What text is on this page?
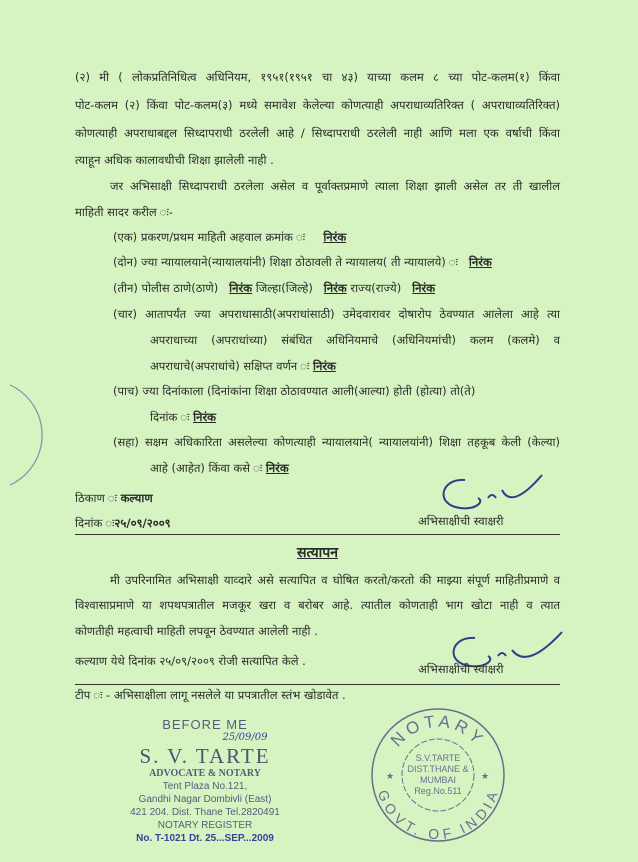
(२) मी ( लोकप्रतिनिधित्व अधिनियम, १९५१(१९५१ चा ४३) याच्या कलम ८ च्या पोट-कलम(१) किंवा
पोट-कलम (२) किंवा पोट-कलम(३) मध्ये समावेश केलेल्या कोणत्याही अपराधाव्यतिरिक्त ( अपराधाव्यतिरिक्त)
कोणत्याही अपराधाबद्दल सिध्दापराधी ठरलेली आहे / सिध्दापराधी ठरलेली नाही आणि मला एक वर्षाची किंवा
त्याहून अधिक कालावधीची शिक्षा झालेली नाही .
जर अभिसाक्षी सिध्दापराधी ठरलेला असेल व पूर्वाक्तप्रमाणे त्याला शिक्षा झाली असेल तर ती खालील
माहिती सादर करील ः-
(एक) प्रकरण/प्रथम माहिती अहवाल क्रमांक ः निरंक
(दोन) ज्या न्यायालयाने(न्यायालयांनी) शिक्षा ठोठावली ते न्यायालय( ती न्यायालये) ः निरंक
(तीन) पोलीस ठाणे(ठाणे) निरंक जिल्हा(जिल्हे) निरंक राज्य(राज्ये) निरंक
(चार) आतापर्यंत ज्या अपराधासाठी(अपराधांसाठी) उमेदवारावर दोषारोप ठेवण्यात आलेला आहे त्या
अपराधाच्या (अपराधांच्या) संबंधित अधिनियमाचे (अधिनियमांची) कलम (कलमे) व
अपराधाचे(अपराधांचे) सक्षिप्त वर्णन ः निरंक
(पाच) ज्या दिनांकाला (दिनांकांना शिक्षा ठोठावण्यात आली(आल्या) होती (होत्या) तो(ते)
दिनांक ः निरंक
(सहा) सक्षम अधिकारिता असलेल्या कोणत्याही न्यायालयाने( न्यायालयांनी) शिक्षा तहकूब केली (केल्या)
आहे (आहेत) किंवा कसे ः निरंक
ठिकाण ः कल्याण
दिनांक ः२५/०९/२००९	अभिसाक्षीची स्वाक्षरी
सत्यापन
मी उपरिनामित अभिसाक्षी याव्दारे असे सत्यापित व घोषित करतो/करतो की माझ्या संपूर्ण माहितीप्रमाणे व
विश्वासाप्रमाणे या शपथपत्रातील मजकूर खरा व बरोबर आहे. त्यातील कोणताही भाग खोटा नाही व त्यात
कोणतीही महत्वाची माहिती लपवून ठेवण्यात आलेली नाही .
कल्याण येथे दिनांक २५/०९/२००९ रोजी सत्यापित केले .
अभिसाक्षीची स्वाक्षरी
टीप ः - अभिसाक्षीला लागू नसलेले या प्रपत्रातील स्तंभ खोडावेत .
BEFORE ME
25/09/09
S. V. TARTE
ADVOCATE & NOTARY
Tent Plaza No.121,
Gandhi Nagar Dombivli (East)
421 204. Dist. Thane Tel.2820491
NOTARY REGISTER
No. T-1021 Dt. 25...SEP...2009
NOTARY
GOVT. OF INDIA
S.V.TARTE
DIST.THANE &
MUMBAI
Reg.No.511
★	★
